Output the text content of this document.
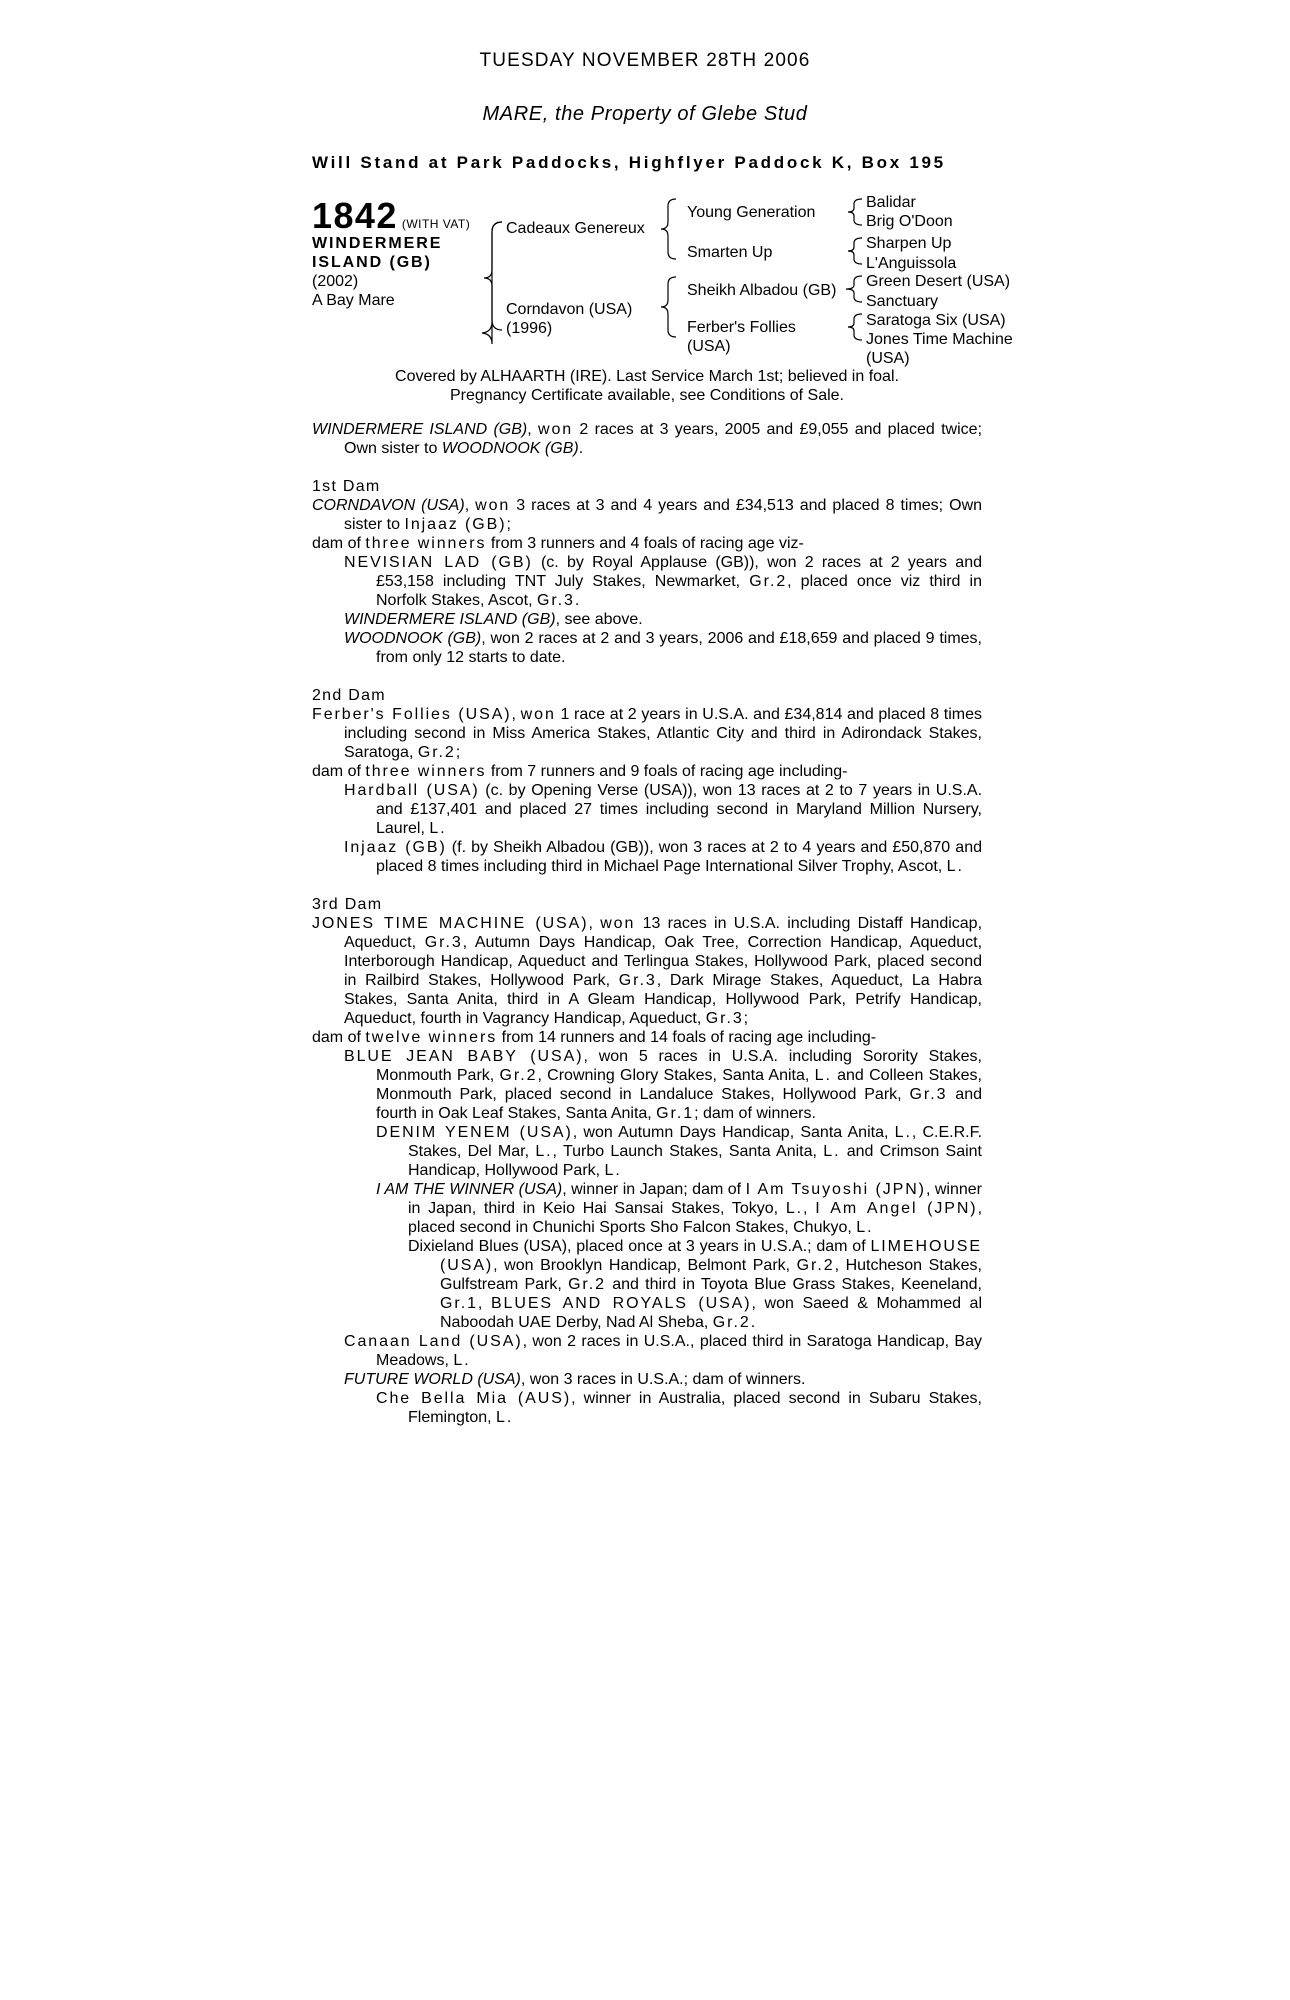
TUESDAY NOVEMBER 28TH 2006
MARE, the Property of Glebe Stud
Will Stand at Park Paddocks, Highflyer Paddock K, Box 195
1842 (WITH VAT)
WINDERMERE
ISLAND (GB)
(2002)
A Bay Mare
Cadeaux Genereux
Corndavon (USA)
(1996)
Young Generation
Smarten Up
Sheikh Albadou (GB)
Ferber's Follies
(USA)
Balidar
Brig O'Doon
Sharpen Up
L'Anguissola
Green Desert (USA)
Sanctuary
Saratoga Six (USA)
Jones Time Machine
(USA)
Covered by ALHAARTH (IRE). Last Service March 1st; believed in foal.
Pregnancy Certificate available, see Conditions of Sale.

WINDERMERE ISLAND (GB), won 2 races at 3 years, 2005 and £9,055 and placed twice; Own sister to WOODNOOK (GB).

1st Dam

CORNDAVON (USA), won 3 races at 3 and 4 years and £34,513 and placed 8 times; Own sister to Injaaz (GB);

dam of three winners from 3 runners and 4 foals of racing age viz-

NEVISIAN LAD (GB) (c. by Royal Applause (GB)), won 2 races at 2 years and £53,158 including TNT July Stakes, Newmarket, Gr.2, placed once viz third in Norfolk Stakes, Ascot, Gr.3.

WINDERMERE ISLAND (GB), see above.

WOODNOOK (GB), won 2 races at 2 and 3 years, 2006 and £18,659 and placed 9 times, from only 12 starts to date.

2nd Dam

Ferber's Follies (USA), won 1 race at 2 years in U.S.A. and £34,814 and placed 8 times including second in Miss America Stakes, Atlantic City and third in Adirondack Stakes, Saratoga, Gr.2;

dam of three winners from 7 runners and 9 foals of racing age including-

Hardball (USA) (c. by Opening Verse (USA)), won 13 races at 2 to 7 years in U.S.A. and £137,401 and placed 27 times including second in Maryland Million Nursery, Laurel, L.

Injaaz (GB) (f. by Sheikh Albadou (GB)), won 3 races at 2 to 4 years and £50,870 and placed 8 times including third in Michael Page International Silver Trophy, Ascot, L.

3rd Dam

JONES TIME MACHINE (USA), won 13 races in U.S.A. including Distaff Handicap, Aqueduct, Gr.3, Autumn Days Handicap, Oak Tree, Correction Handicap, Aqueduct, Interborough Handicap, Aqueduct and Terlingua Stakes, Hollywood Park, placed second in Railbird Stakes, Hollywood Park, Gr.3, Dark Mirage Stakes, Aqueduct, La Habra Stakes, Santa Anita, third in A Gleam Handicap, Hollywood Park, Petrify Handicap, Aqueduct, fourth in Vagrancy Handicap, Aqueduct, Gr.3;

dam of twelve winners from 14 runners and 14 foals of racing age including-

BLUE JEAN BABY (USA), won 5 races in U.S.A. including Sorority Stakes, Monmouth Park, Gr.2, Crowning Glory Stakes, Santa Anita, L. and Colleen Stakes, Monmouth Park, placed second in Landaluce Stakes, Hollywood Park, Gr.3 and fourth in Oak Leaf Stakes, Santa Anita, Gr.1; dam of winners.

DENIM YENEM (USA), won Autumn Days Handicap, Santa Anita, L., C.E.R.F. Stakes, Del Mar, L., Turbo Launch Stakes, Santa Anita, L. and Crimson Saint Handicap, Hollywood Park, L.

I AM THE WINNER (USA), winner in Japan; dam of I Am Tsuyoshi (JPN), winner in Japan, third in Keio Hai Sansai Stakes, Tokyo, L., I Am Angel (JPN), placed second in Chunichi Sports Sho Falcon Stakes, Chukyo, L.

Dixieland Blues (USA), placed once at 3 years in U.S.A.; dam of LIMEHOUSE (USA), won Brooklyn Handicap, Belmont Park, Gr.2, Hutcheson Stakes, Gulfstream Park, Gr.2 and third in Toyota Blue Grass Stakes, Keeneland, Gr.1, BLUES AND ROYALS (USA), won Saeed & Mohammed al Naboodah UAE Derby, Nad Al Sheba, Gr.2.

Canaan Land (USA), won 2 races in U.S.A., placed third in Saratoga Handicap, Bay Meadows, L.

FUTURE WORLD (USA), won 3 races in U.S.A.; dam of winners.

Che Bella Mia (AUS), winner in Australia, placed second in Subaru Stakes, Flemington, L.
